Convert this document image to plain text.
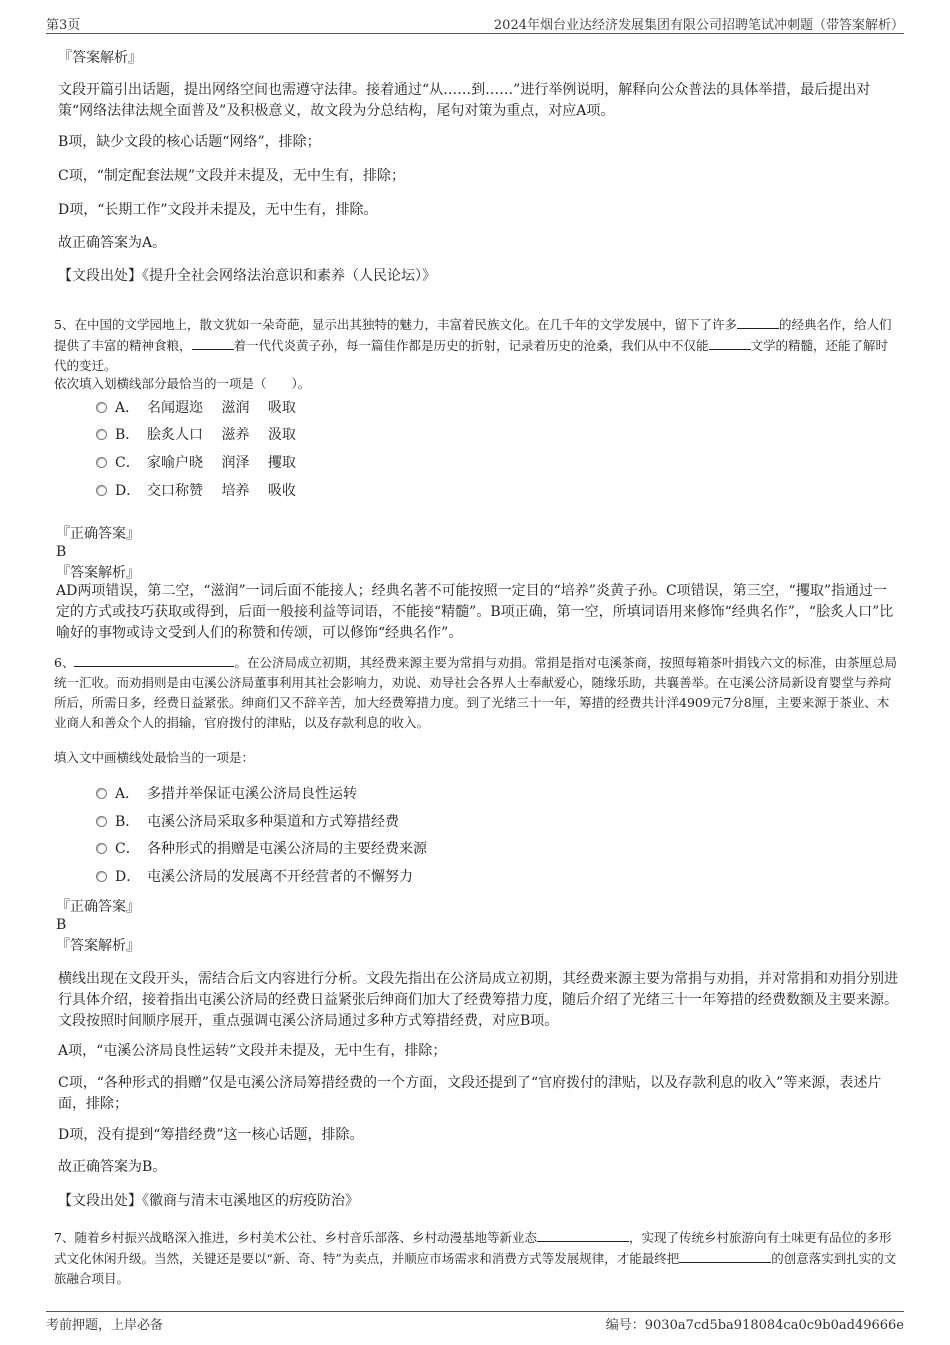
第3页	2024年烟台业达经济发展集团有限公司招聘笔试冲刺题（带答案解析）
『答案解析』
文段开篇引出话题，提出网络空间也需遵守法律。接着通过“从……到……”进行举例说明，解释向公众普法的具体举措，最后提出对策“网络法律法规全面普及”及积极意义，故文段为分总结构，尾句对策为重点，对应A项。
B项，缺少文段的核心话题“网络”，排除；
C项，“制定配套法规”文段并未提及，无中生有，排除；
D项，“长期工作”文段并未提及，无中生有，排除。
故正确答案为A。
【文段出处】《提升全社会网络法治意识和素养（人民论坛）》
5、在中国的文学园地上，散文犹如一朵奇葩，显示出其独特的魅力，丰富着民族文化。在几千年的文学发展中，留下了许多	的经典名作，给人们提供了丰富的精神食粮，	着一代代炎黄子孙，每一篇佳作都是历史的折射，记录着历史的沧桑，我们从中不仅能	文学的精髓，还能了解时代的变迁。
依次填入划横线部分最恰当的一项是（　　）。
A． 名闻遐迩　 滋润　 吸取
B． 脍炙人口　 滋养　 汲取
C． 家喻户晓　 润泽　 攫取
D． 交口称赞　 培养　 吸收
『正确答案』
B
『答案解析』
AD两项错误，第二空，“滋润”一词后面不能接人；经典名著不可能按照一定目的“培养”炎黄子孙。C项错误，第三空，“攫取”指通过一定的方式或技巧获取或得到，后面一般接利益等词语，不能接“精髓”。B项正确，第一空，所填词语用来修饰“经典名作”，“脍炙人口”比喻好的事物或诗文受到人们的称赞和传颂，可以修饰“经典名作”。
6、	。在公济局成立初期，其经费来源主要为常捐与劝捐。常捐是指对屯溪茶商，按照每箱茶叶捐钱六文的标准，由茶厘总局统一汇收。而劝捐则是由屯溪公济局董事利用其社会影响力，劝说、劝导社会各界人士奉献爱心，随缘乐助，共襄善举。在屯溪公济局新设育婴堂与养疴所后，所需日多，经费日益紧张。绅商们又不辞辛苦，加大经费筹措力度。到了光绪三十一年，筹措的经费共计洋4909元7分8厘，主要来源于茶业、木业商人和善众个人的捐输，官府拨付的津贴，以及存款利息的收入。
填入文中画横线处最恰当的一项是：
A． 多措并举保证屯溪公济局良性运转
B． 屯溪公济局采取多种渠道和方式筹措经费
C． 各种形式的捐赠是屯溪公济局的主要经费来源
D． 屯溪公济局的发展离不开经营者的不懈努力
『正确答案』
B
『答案解析』
横线出现在文段开头，需结合后文内容进行分析。文段先指出在公济局成立初期，其经费来源主要为常捐与劝捐，并对常捐和劝捐分别进行具体介绍，接着指出屯溪公济局的经费日益紧张后绅商们加大了经费筹措力度，随后介绍了光绪三十一年筹措的经费数额及主要来源。文段按照时间顺序展开，重点强调屯溪公济局通过多种方式筹措经费，对应B项。
A项，“屯溪公济局良性运转”文段并未提及，无中生有，排除；
C项，“各种形式的捐赠”仅是屯溪公济局筹措经费的一个方面，文段还提到了“官府拨付的津贴，以及存款利息的收入”等来源，表述片面，排除；
D项，没有提到“筹措经费”这一核心话题，排除。
故正确答案为B。
【文段出处】《徽商与清末屯溪地区的疠疫防治》
7、随着乡村振兴战略深入推进，乡村美术公社、乡村音乐部落、乡村动漫基地等新业态	，实现了传统乡村旅游向有土味更有品位的多形式文化休闲升级。当然，关键还是要以“新、奇、特”为卖点，并顺应市场需求和消费方式等发展规律，才能最终把	的创意落实到扎实的文旅融合项目。
考前押题，上岸必备	编号：9030a7cd5ba918084ca0c9b0ad49666e
